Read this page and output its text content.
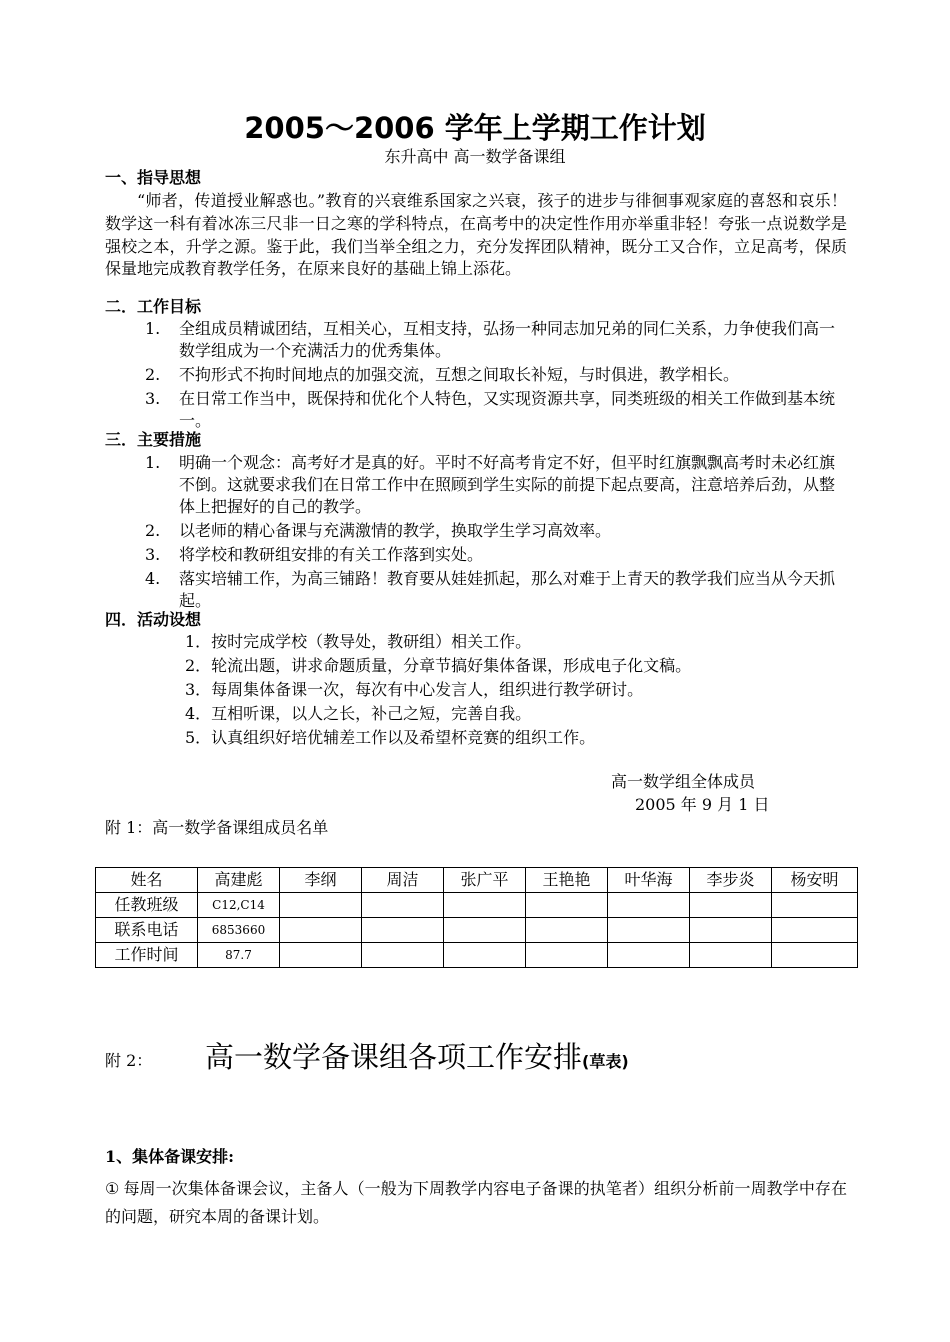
2005～2006 学年上学期工作计划
东升高中 高一数学备课组
一、指导思想
“师者，传道授业解惑也。”教育的兴衰维系国家之兴衰，孩子的进步与徘徊事观家庭的喜怒和哀乐！数学这一科有着冰冻三尺非一日之寒的学科特点，在高考中的决定性作用亦举重非轻！夸张一点说数学是强校之本，升学之源。鉴于此，我们当举全组之力，充分发挥团队精神，既分工又合作，立足高考，保质保量地完成教育教学任务，在原来良好的基础上锦上添花。
二．工作目标
1. 全组成员精诚团结，互相关心，互相支持，弘扬一种同志加兄弟的同仁关系，力争使我们高一数学组成为一个充满活力的优秀集体。
2. 不拘形式不拘时间地点的加强交流，互想之间取长补短，与时俱进，教学相长。
3. 在日常工作当中，既保持和优化个人特色，又实现资源共享，同类班级的相关工作做到基本统一。
三．主要措施
1. 明确一个观念：高考好才是真的好。平时不好高考肯定不好，但平时红旗飘飘高考时未必红旗不倒。这就要求我们在日常工作中在照顾到学生实际的前提下起点要高，注意培养后劲，从整体上把握好的自己的教学。
2. 以老师的精心备课与充满激情的教学，换取学生学习高效率。
3. 将学校和教研组安排的有关工作落到实处。
4. 落实培辅工作，为高三铺路！教育要从娃娃抓起，那么对难于上青天的教学我们应当从今天抓起。
四．活动设想
1．按时完成学校（教导处，教研组）相关工作。
2．轮流出题，讲求命题质量，分章节搞好集体备课，形成电子化文稿。
3．每周集体备课一次，每次有中心发言人，组织进行教学研讨。
4．互相听课，以人之长，补己之短，完善自我。
5．认真组织好培优辅差工作以及希望杯竞赛的组织工作。
高一数学组全体成员
2005 年 9 月 1 日
附 1：高一数学备课组成员名单
姓名	高建彪	李纲	周洁	张广平	王艳艳	叶华海	李步炎	杨安明
任教班级	C12,C14							
联系电话	6853660							
工作时间	87.7							
附 2： 高一数学备课组各项工作安排(草表)
1、集体备课安排:
① 每周一次集体备课会议，主备人（一般为下周教学内容电子备课的执笔者）组织分析前一周教学中存在的问题，研究本周的备课计划。
